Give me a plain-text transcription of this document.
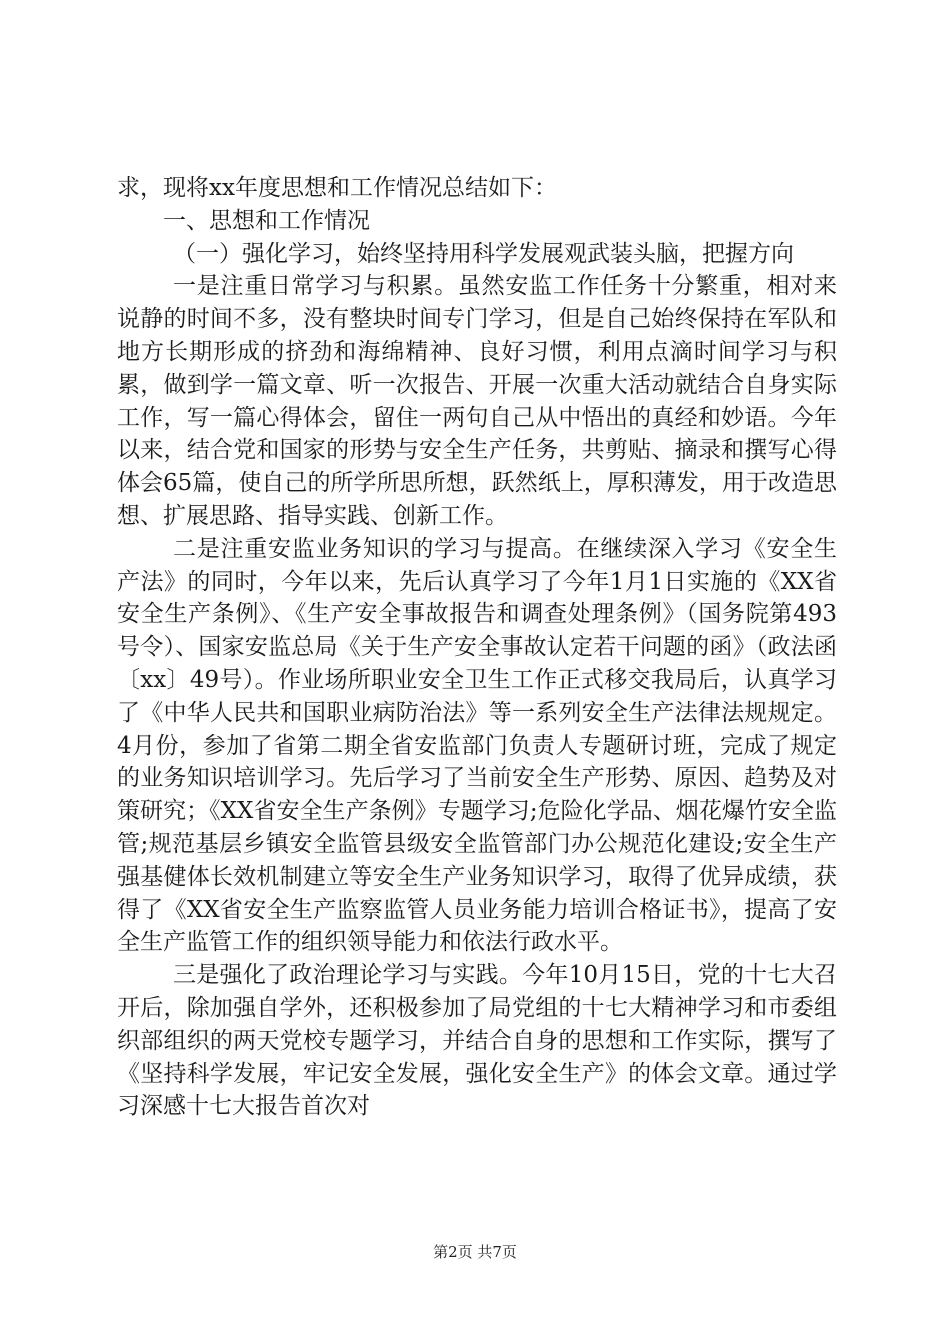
求，现将xx年度思想和工作情况总结如下：

一、思想和工作情况

（一）强化学习，始终坚持用科学发展观武装头脑，把握方向

一是注重日常学习与积累。虽然安监工作任务十分繁重，相对来说静的时间不多，没有整块时间专门学习，但是自己始终保持在军队和地方长期形成的挤劲和海绵精神、良好习惯，利用点滴时间学习与积累，做到学一篇文章、听一次报告、开展一次重大活动就结合自身实际工作，写一篇心得体会，留住一两句自己从中悟出的真经和妙语。今年以来，结合党和国家的形势与安全生产任务，共剪贴、摘录和撰写心得体会65篇，使自己的所学所思所想，跃然纸上，厚积薄发，用于改造思想、扩展思路、指导实践、创新工作。

二是注重安监业务知识的学习与提高。在继续深入学习《安全生产法》的同时，今年以来，先后认真学习了今年1月1日实施的《XX省安全生产条例》、《生产安全事故报告和调查处理条例》（国务院第493号令）、国家安监总局《关于生产安全事故认定若干问题的函》（政法函〔xx〕49号）。作业场所职业安全卫生工作正式移交我局后，认真学习了《中华人民共和国职业病防治法》等一系列安全生产法律法规规定。4月份，参加了省第二期全省安监部门负责人专题研讨班，完成了规定的业务知识培训学习。先后学习了当前安全生产形势、原因、趋势及对策研究；《XX省安全生产条例》专题学习;危险化学品、烟花爆竹安全监管;规范基层乡镇安全监管县级安全监管部门办公规范化建设;安全生产强基健体长效机制建立等安全生产业务知识学习，取得了优异成绩，获得了《XX省安全生产监察监管人员业务能力培训合格证书》，提高了安全生产监管工作的组织领导能力和依法行政水平。

三是强化了政治理论学习与实践。今年10月15日，党的十七大召开后，除加强自学外，还积极参加了局党组的十七大精神学习和市委组织部组织的两天党校专题学习，并结合自身的思想和工作实际，撰写了《坚持科学发展，牢记安全发展，强化安全生产》的体会文章。通过学习深感十七大报告首次对

第2页 共7页
